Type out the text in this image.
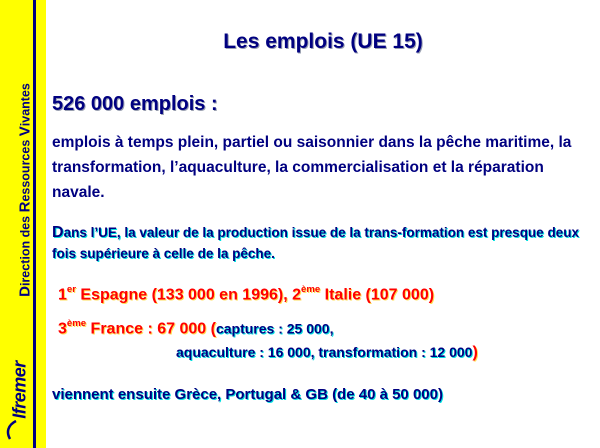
Direction des Ressources Vivantes
Ifremer
Les emplois (UE 15)
526 000 emplois :
emplois à temps plein, partiel ou saisonnier dans la pêche maritime, la transformation, l’aquaculture, la commercialisation et la réparation navale.
Dans l’UE, la valeur de la production issue de la trans-formation est presque deux fois supérieure à celle de la pêche.
1er Espagne (133 000 en 1996), 2ème Italie (107 000)
3ème France : 67 000 (captures : 25 000,
aquaculture : 16 000, transformation : 12 000)
viennent ensuite Grèce, Portugal & GB (de 40 à 50 000)
